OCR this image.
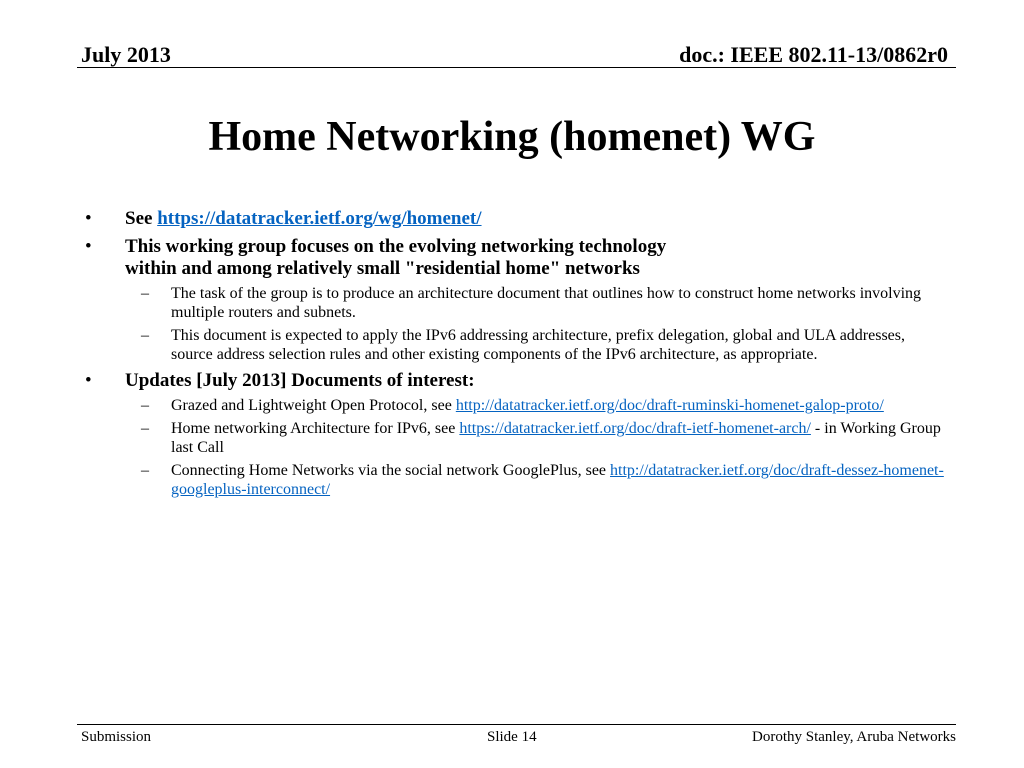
July 2013	doc.: IEEE 802.11-13/0862r0
Home Networking (homenet) WG
• See https://datatracker.ietf.org/wg/homenet/
• This working group focuses on the evolving networking technology
within and among relatively small "residential home" networks
– The task of the group is to produce an architecture document that outlines how to construct home networks involving multiple routers and subnets.
– This document is expected to apply the IPv6 addressing architecture, prefix delegation, global and ULA addresses, source address selection rules and other existing components of the IPv6 architecture, as appropriate.
• Updates [July 2013] Documents of interest:
– Grazed and Lightweight Open Protocol, see http://datatracker.ietf.org/doc/draft-ruminski-homenet-galop-proto/
– Home networking Architecture for IPv6, see https://datatracker.ietf.org/doc/draft-ietf-homenet-arch/ - in Working Group last Call
– Connecting Home Networks via the social network GooglePlus, see http://datatracker.ietf.org/doc/draft-dessez-homenet-googleplus-interconnect/
Submission	Slide 14	Dorothy Stanley, Aruba Networks
